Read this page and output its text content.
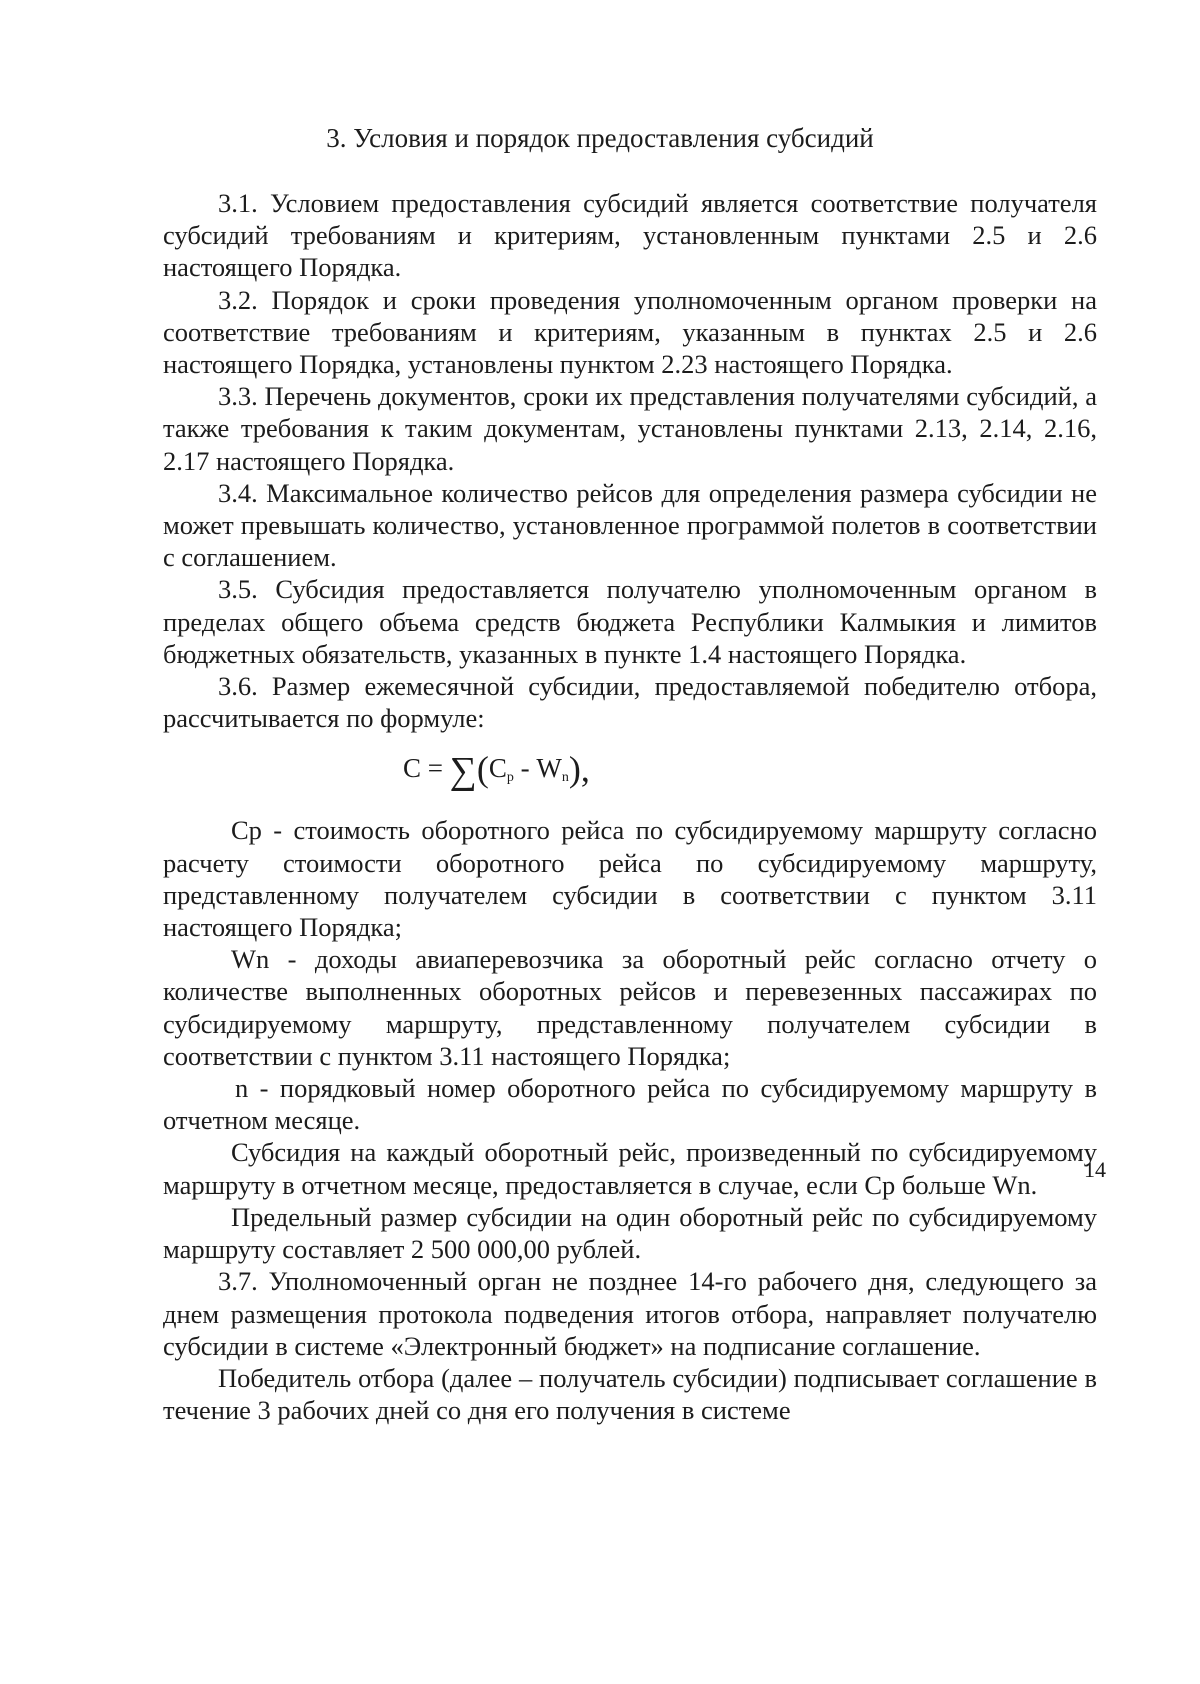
3. Условия и порядок предоставления субсидий

3.1. Условием предоставления субсидий является соответствие получателя субсидий требованиям и критериям, установленным пунктами 2.5 и 2.6 настоящего Порядка.

3.2. Порядок и сроки проведения уполномоченным органом проверки на соответствие требованиям и критериям, указанным в пунктах 2.5 и 2.6 настоящего Порядка, установлены пунктом 2.23 настоящего Порядка.

3.3. Перечень документов, сроки их представления получателями субсидий, а также требования к таким документам, установлены пунктами 2.13, 2.14, 2.16, 2.17 настоящего Порядка.

3.4. Максимальное количество рейсов для определения размера субсидии не может превышать количество, установленное программой полетов в соответствии с соглашением.

3.5. Субсидия предоставляется получателю уполномоченным органом в пределах общего объема средств бюджета Республики Калмыкия и лимитов бюджетных обязательств, указанных в пункте 1.4 настоящего Порядка.

3.6. Размер ежемесячной субсидии, предоставляемой победителю отбора, рассчитывается по формуле:

$С = \sum(С_р - W_n)$,

Ср - стоимость оборотного рейса по субсидируемому маршруту согласно расчету стоимости оборотного рейса по субсидируемому маршруту, представленному получателем субсидии в соответствии с пунктом 3.11 настоящего Порядка;

Wn - доходы авиаперевозчика за оборотный рейс согласно отчету о количестве выполненных оборотных рейсов и перевезенных пассажирах по субсидируемому маршруту, представленному получателем субсидии в соответствии с пунктом 3.11 настоящего Порядка;

n - порядковый номер оборотного рейса по субсидируемому маршруту в отчетном месяце.

Субсидия на каждый оборотный рейс, произведенный по субсидируемому маршруту в отчетном месяце, предоставляется в случае, если Ср больше Wn.

Предельный размер субсидии на один оборотный рейс по субсидируемому маршруту составляет 2 500 000,00 рублей.

3.7. Уполномоченный орган не позднее 14-го рабочего дня, следующего за днем размещения протокола подведения итогов отбора, направляет получателю субсидии в системе «Электронный бюджет» на подписание соглашение.

Победитель отбора (далее – получатель субсидии) подписывает соглашение в течение 3 рабочих дней со дня его получения в системе

14
